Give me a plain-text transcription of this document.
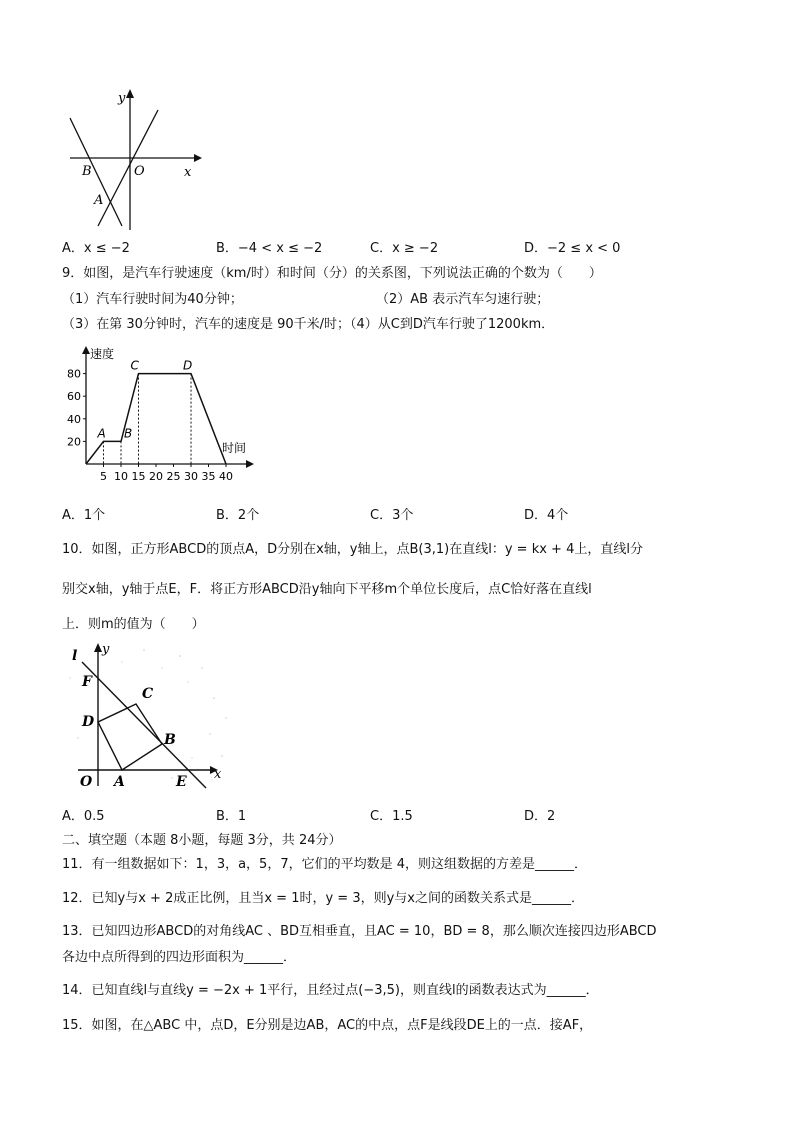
y
x
O
B
A
A．x ≤ −2	B．−4 < x ≤ −2	C．x ≥ −2	D．−2 ≤ x < 0
9．如图，是汽车行驶速度（km/时）和时间（分）的关系图，下列说法正确的个数为（　　）
（1）汽车行驶时间为40分钟；	（2）AB 表示汽车匀速行驶；
（3）在第 30分钟时，汽车的速度是 90千米/时；（4）从C到D汽车行驶了1200km．
20
40
60
80
5 10 15 20 25 30 35 40
速度
时间
A B
C	D
A．1个	B．2个	C．3个	D．4个
10．如图，正方形ABCD的顶点A，D分别在x轴，y轴上，点B(3,1)在直线l：y = kx + 4上，直线l分
别交x轴，y轴于点E，F．将正方形ABCD沿y轴向下平移m个单位长度后，点C恰好落在直线l
上．则m的值为（　　）
l y
F
C
D
B
O A	E x
A．0.5	B．1	C．1.5	D．2
二、填空题（本题 8小题，每题 3分，共 24分）
11．有一组数据如下：1，3，a，5，7，它们的平均数是 4，则这组数据的方差是______．
12．已知y与x + 2成正比例，且当x = 1时，y = 3，则y与x之间的函数关系式是______．
13．已知四边形ABCD的对角线AC 、BD互相垂直，且AC = 10，BD = 8，那么顺次连接四边形ABCD
各边中点所得到的四边形面积为______．
14．已知直线l与直线y = −2x + 1平行，且经过点(−3,5)，则直线l的函数表达式为______．
15．如图，在△ABC 中，点D，E分别是边AB，AC的中点，点F是线段DE上的一点．接AF，
